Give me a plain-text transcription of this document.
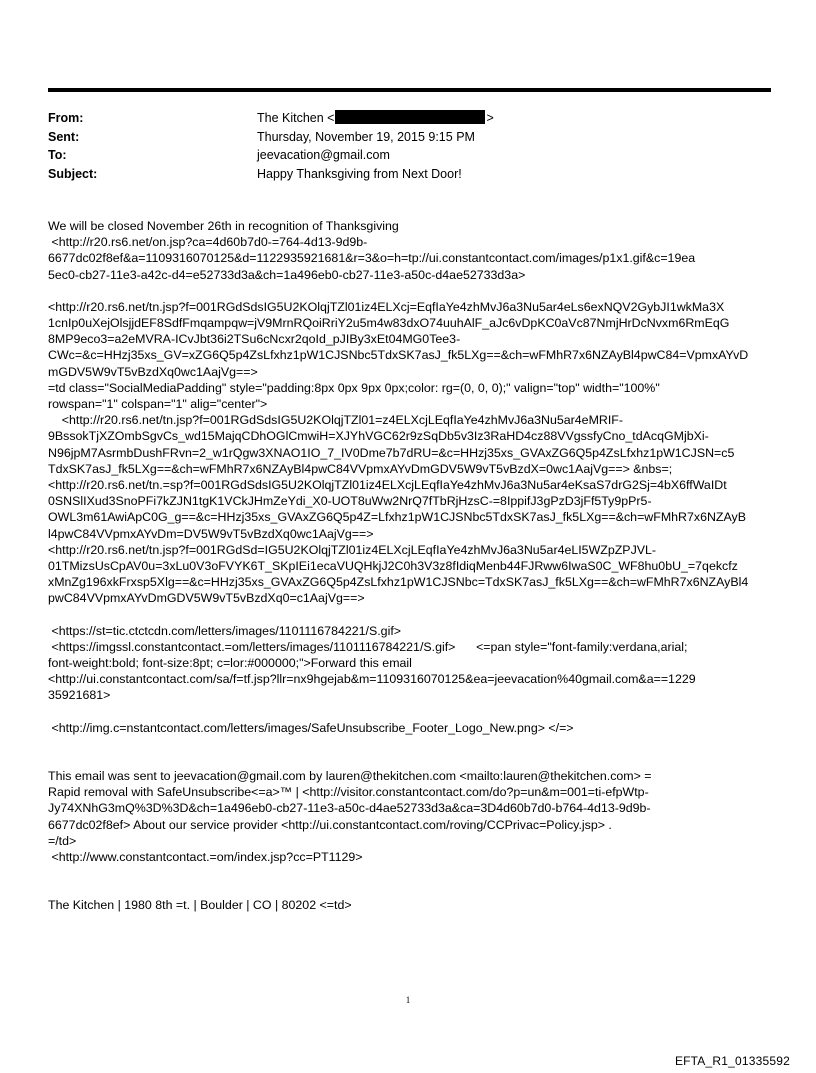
From:	The Kitchen <	>
Sent:	Thursday, November 19, 2015 9:15 PM
To:	jeevacation@gmail.com
Subject:	Happy Thanksgiving from Next Door!

We will be closed November 26th in recognition of Thanksgiving
<http://r20.rs6.net/on.jsp?ca=4d60b7d0-=764-4d13-9d9b-
6677dc02f8ef&a=1109316070125&d=1122935921681&r=3&o=h=tp://ui.constantcontact.com/images/p1x1.gif&c=19ea
5ec0-cb27-11e3-a42c-d4=e52733d3a&ch=1a496eb0-cb27-11e3-a50c-d4ae52733d3a>

<http://r20.rs6.net/tn.jsp?f=001RGdSdsIG5U2KOlqjTZl01iz4ELXcj=EqfIaYe4zhMvJ6a3Nu5ar4eLs6exNQV2GybJI1wkMa3X
1cnIp0uXejOlsjjdEF8SdfFmqampqw=jV9MrnRQoiRriY2u5m4w83dxO74uuhAlF_aJc6vDpKC0aVc87NmjHrDcNvxm6RmEqG
8MP9eco3=a2eMVRA-ICvJbt36i2TSu6cNcxr2qoId_pJIBy3xEt04MG0Tee3-
CWc=&c=HHzj35xs_GV=xZG6Q5p4ZsLfxhz1pW1CJSNbc5TdxSK7asJ_fk5LXg==&ch=wFMhR7x6NZAyBl4pwC84=VpmxAYvD
mGDV5W9vT5vBzdXq0wc1AajVg==>
=td class="SocialMediaPadding" style="padding:8px 0px 9px 0px;color: rg=(0, 0, 0);" valign="top" width="100%"
rowspan="1" colspan="1" alig="center">
<http://r20.rs6.net/tn.jsp?f=001RGdSdsIG5U2KOlqjTZl01=z4ELXcjLEqfIaYe4zhMvJ6a3Nu5ar4eMRIF-
9BssokTjXZOmbSgvCs_wd15MajqCDhOGlCmwiH=XJYhVGC62r9zSqDb5v3Iz3RaHD4cz88VVgssfyCno_tdAcqGMjbXi-
N96jpM7AsrmbDushFRvn=2_w1rQgw3XNAO1IO_7_IV0Dme7b7dRU=&c=HHzj35xs_GVAxZG6Q5p4ZsLfxhz1pW1CJSN=c5
TdxSK7asJ_fk5LXg==&ch=wFMhR7x6NZAyBl4pwC84VVpmxAYvDmGDV5W9vT5vBzdX=0wc1AajVg==> &nbs=;
<http://r20.rs6.net/tn.=sp?f=001RGdSdsIG5U2KOlqjTZl01iz4ELXcjLEqfIaYe4zhMvJ6a3Nu5ar4eKsaS7drG2Sj=4bX6ffWaIDt
0SNSlIXud3SnoPFi7kZJN1tgK1VCkJHmZeYdi_X0-UOT8uWw2NrQ7fTbRjHzsC-=8IppifJ3gPzD3jFf5Ty9pPr5-
OWL3m61AwiApC0G_g==&c=HHzj35xs_GVAxZG6Q5p4Z=Lfxhz1pW1CJSNbc5TdxSK7asJ_fk5LXg==&ch=wFMhR7x6NZAyB
l4pwC84VVpmxAYvDm=DV5W9vT5vBzdXq0wc1AajVg==>
<http://r20.rs6.net/tn.jsp?f=001RGdSd=IG5U2KOlqjTZl01iz4ELXcjLEqfIaYe4zhMvJ6a3Nu5ar4eLI5WZpZPJVL-
01TMizsUsCpAV0u=3xLu0V3oFVYK6T_SKpIEi1ecaVUQHkjJ2C0h3V3z8fIdiqMenb44FJRww6IwaS0C_WF8hu0bU_=7qekcfz
xMnZg196xkFrxsp5Xlg==&c=HHzj35xs_GVAxZG6Q5p4ZsLfxhz1pW1CJSNbc=TdxSK7asJ_fk5LXg==&ch=wFMhR7x6NZAyBl4
pwC84VVpmxAYvDmGDV5W9vT5vBzdXq0=c1AajVg==>

<https://st=tic.ctctcdn.com/letters/images/1101116784221/S.gif>
<https://imgssl.constantcontact.=om/letters/images/1101116784221/S.gif>      <=pan style="font-family:verdana,arial;
font-weight:bold; font-size:8pt; c=lor:#000000;">Forward this email
<http://ui.constantcontact.com/sa/f=tf.jsp?llr=nx9hgejab&m=1109316070125&ea=jeevacation%40gmail.com&a==1229
35921681>

<http://img.c=nstantcontact.com/letters/images/SafeUnsubscribe_Footer_Logo_New.png> </=>

This email was sent to jeevacation@gmail.com by lauren@thekitchen.com <mailto:lauren@thekitchen.com> =
Rapid removal with SafeUnsubscribe<=a>™ | <http://visitor.constantcontact.com/do?p=un&m=001=ti-efpWtp-
Jy74XNhG3mQ%3D%3D&ch=1a496eb0-cb27-11e3-a50c-d4ae52733d3a&ca=3D4d60b7d0-b764-4d13-9d9b-
6677dc02f8ef> About our service provider <http://ui.constantcontact.com/roving/CCPrivac=Policy.jsp> .
=/td>
<http://www.constantcontact.=om/index.jsp?cc=PT1129>

The Kitchen | 1980 8th =t. | Boulder | CO | 80202 <=td>

1
EFTA_R1_01335592
